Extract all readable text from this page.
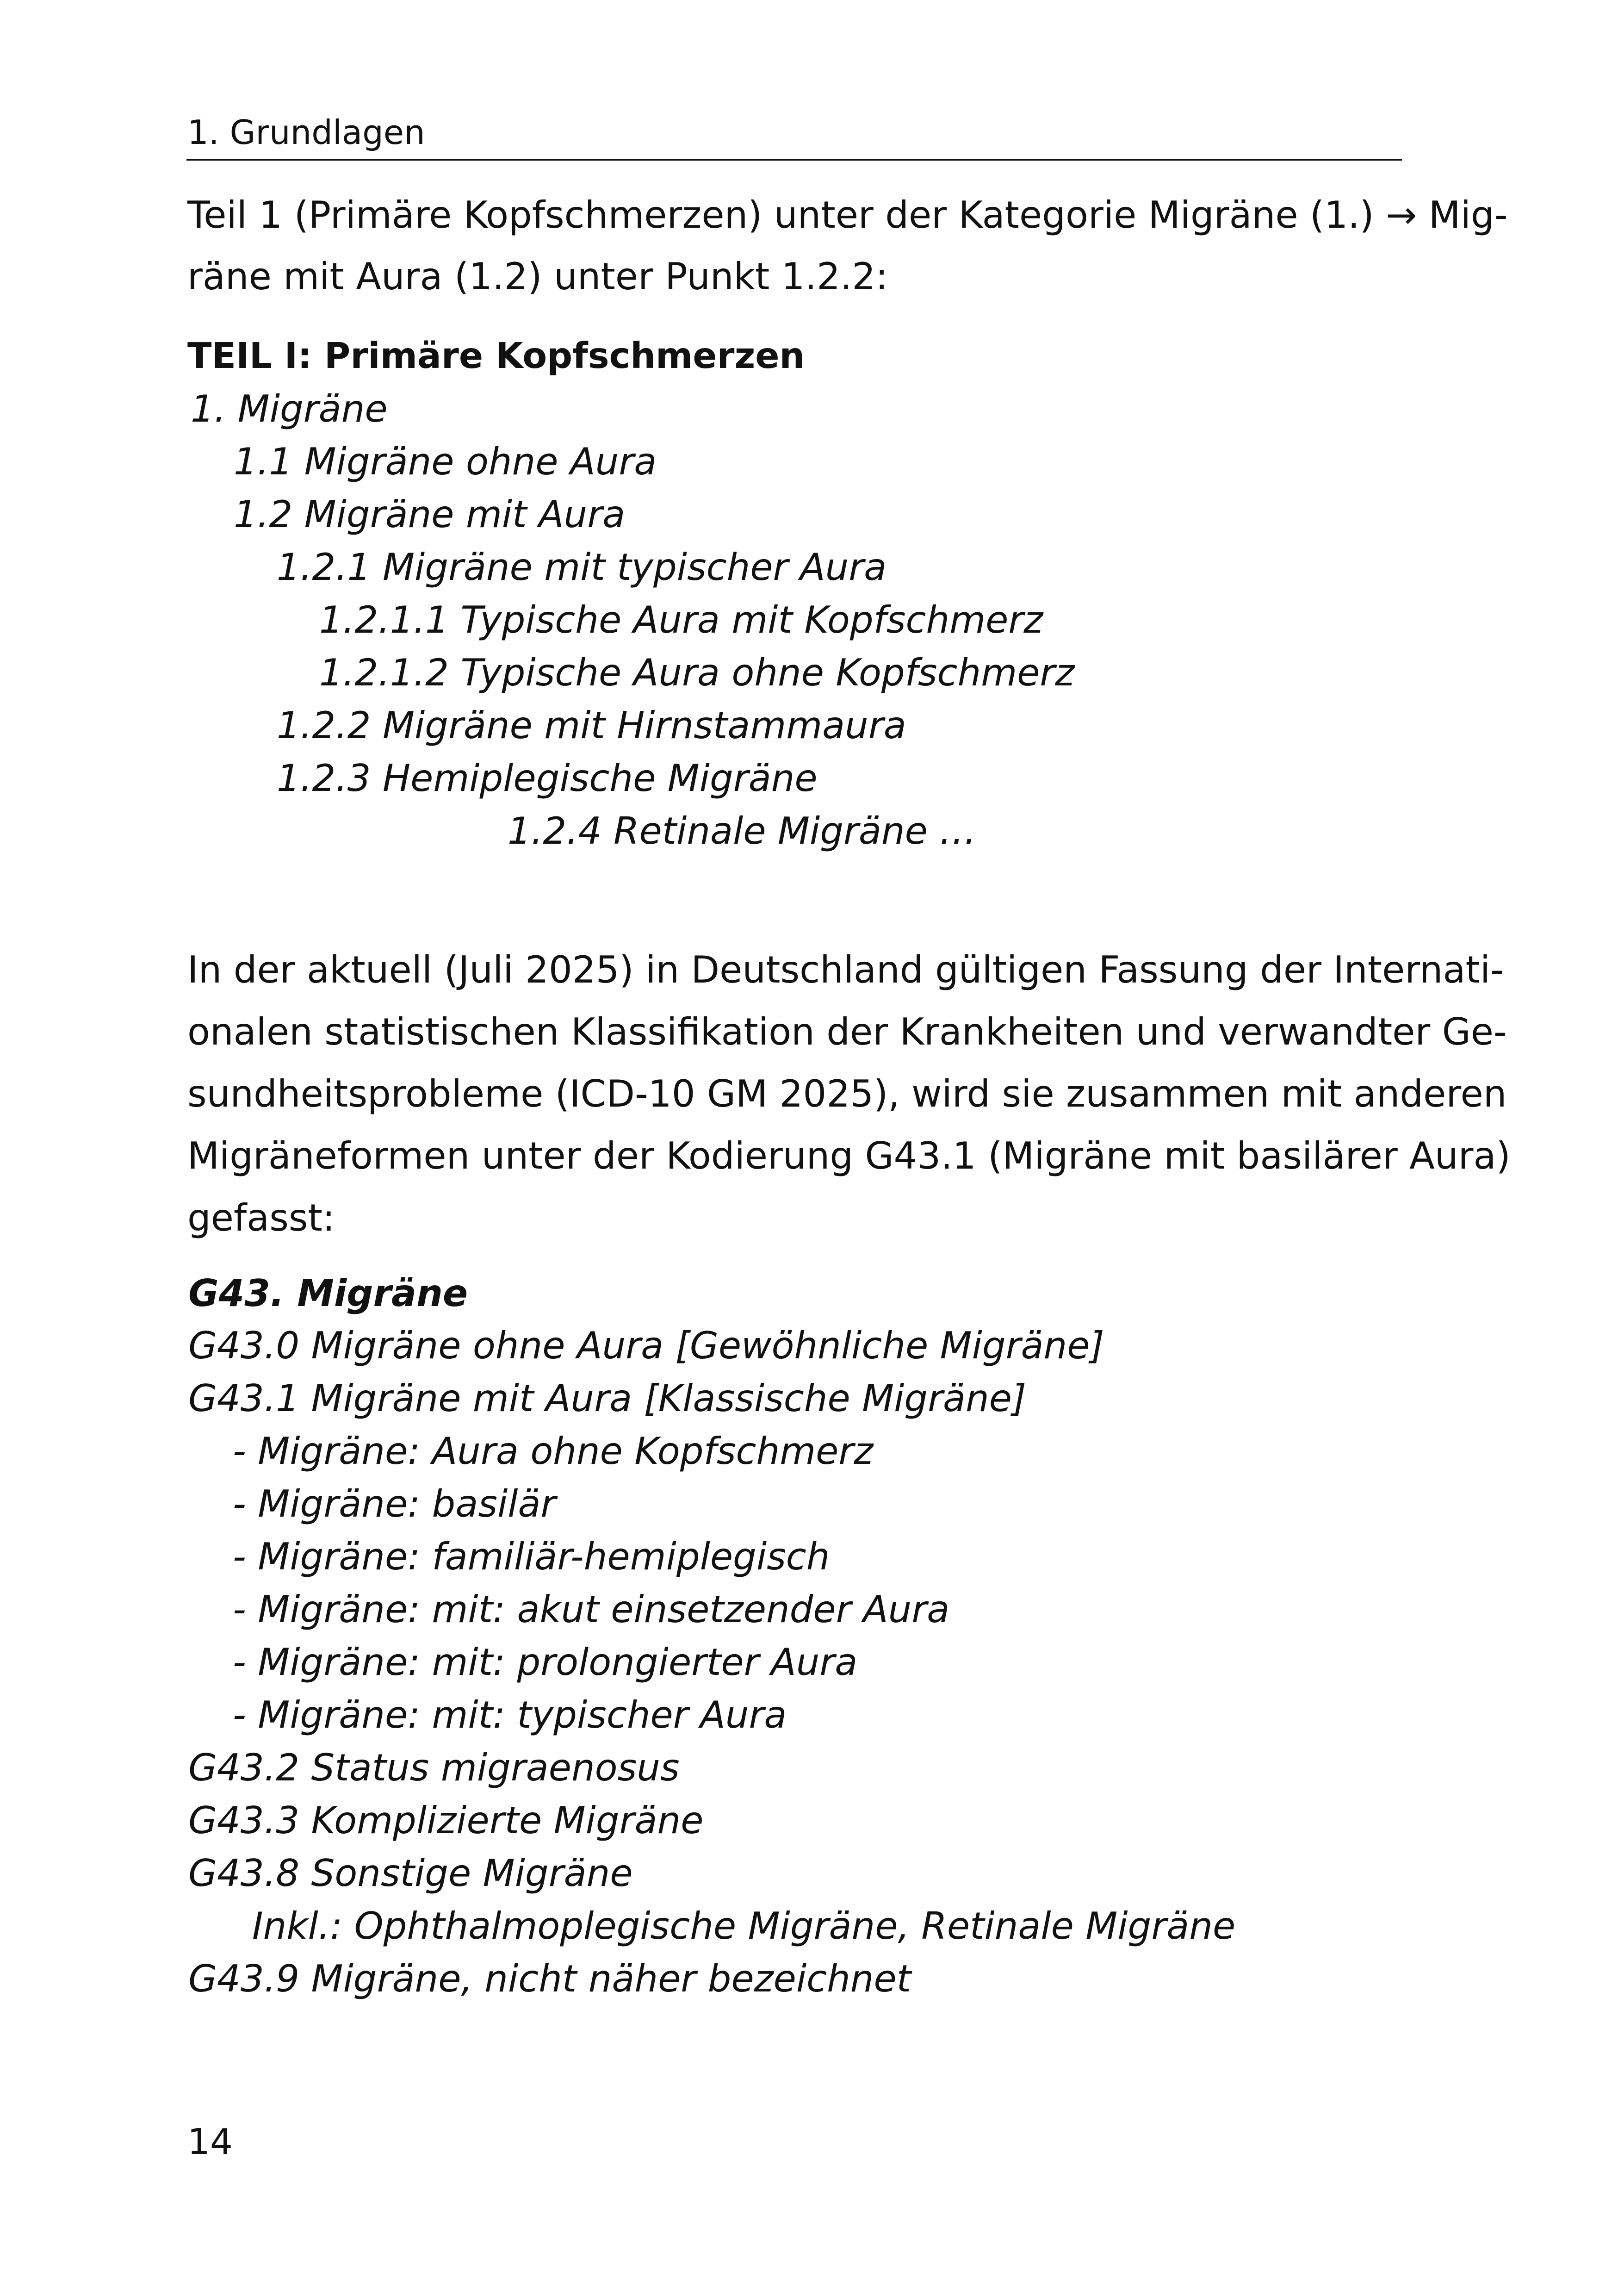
1. Grundlagen
Teil 1 (Primäre Kopfschmerzen) unter der Kategorie Migräne (1.) → Mig-
räne mit Aura (1.2) unter Punkt 1.2.2:
TEIL I: Primäre Kopfschmerzen
1. Migräne
1.1 Migräne ohne Aura
1.2 Migräne mit Aura
1.2.1 Migräne mit typischer Aura
1.2.1.1 Typische Aura mit Kopfschmerz
1.2.1.2 Typische Aura ohne Kopfschmerz
1.2.2 Migräne mit Hirnstammaura
1.2.3 Hemiplegische Migräne
1.2.4 Retinale Migräne …
In der aktuell (Juli 2025) in Deutschland gültigen Fassung der Internati-
onalen statistischen Klassifikation der Krankheiten und verwandter Ge-
sundheitsprobleme (ICD-10 GM 2025), wird sie zusammen mit anderen
Migräneformen unter der Kodierung G43.1 (Migräne mit basilärer Aura)
gefasst:
G43. Migräne
G43.0 Migräne ohne Aura [Gewöhnliche Migräne]
G43.1 Migräne mit Aura [Klassische Migräne]
- Migräne: Aura ohne Kopfschmerz
- Migräne: basilär
- Migräne: familiär-hemiplegisch
- Migräne: mit: akut einsetzender Aura
- Migräne: mit: prolongierter Aura
- Migräne: mit: typischer Aura
G43.2 Status migraenosus
G43.3 Komplizierte Migräne
G43.8 Sonstige Migräne
Inkl.: Ophthalmoplegische Migräne, Retinale Migräne
G43.9 Migräne, nicht näher bezeichnet
14
